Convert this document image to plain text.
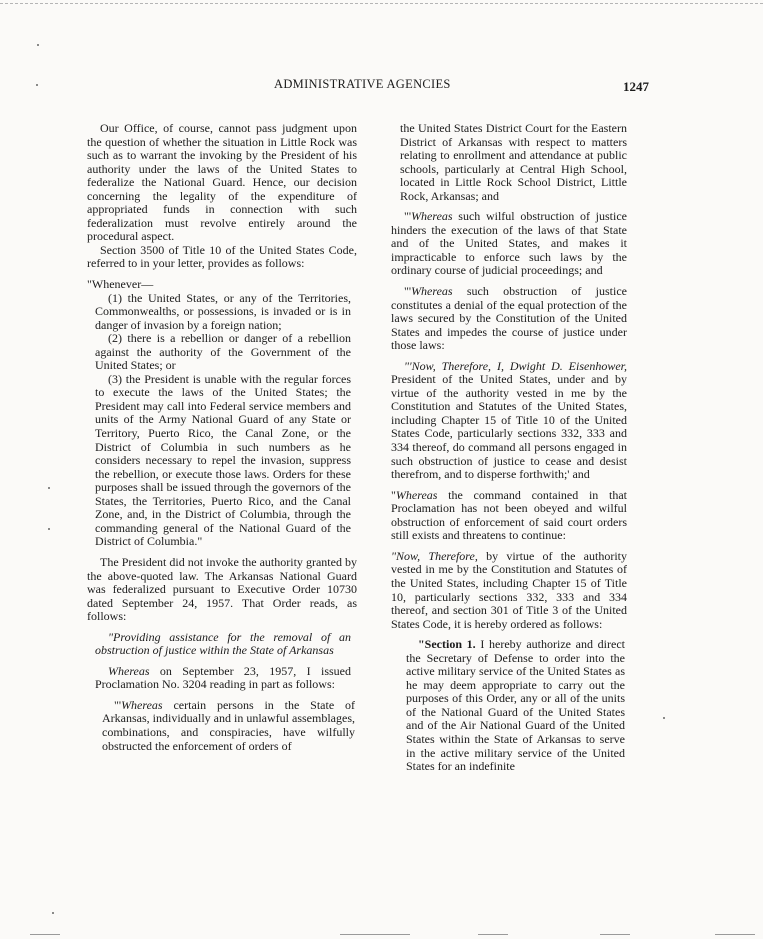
ADMINISTRATIVE AGENCIES	1247

Our Office, of course, cannot pass judgment upon the question of whether the situation in Little Rock was such as to warrant the invoking by the President of his authority under the laws of the United States to federalize the National Guard. Hence, our decision concerning the legality of the expenditure of appropriated funds in connection with such federalization must revolve entirely around the procedural aspect.

Section 3500 of Title 10 of the United States Code, referred to in your letter, provides as follows:

"Whenever—

(1) the United States, or any of the Territories, Commonwealths, or possessions, is invaded or is in danger of invasion by a foreign nation;

(2) there is a rebellion or danger of a rebellion against the authority of the Government of the United States; or

(3) the President is unable with the regular forces to execute the laws of the United States; the President may call into Federal service members and units of the Army National Guard of any State or Territory, Puerto Rico, the Canal Zone, or the District of Columbia in such numbers as he considers necessary to repel the invasion, suppress the rebellion, or execute those laws. Orders for these purposes shall be issued through the governors of the States, the Territories, Puerto Rico, and the Canal Zone, and, in the District of Columbia, through the commanding general of the National Guard of the District of Columbia."

The President did not invoke the authority granted by the above-quoted law. The Arkansas National Guard was federalized pursuant to Executive Order 10730 dated September 24, 1957. That Order reads, as follows:

"Providing assistance for the removal of an obstruction of justice within the State of Arkansas

Whereas on September 23, 1957, I issued Proclamation No. 3204 reading in part as follows:

"'Whereas certain persons in the State of Arkansas, individually and in unlawful assemblages, combinations, and conspiracies, have wilfully obstructed the enforcement of orders of

the United States District Court for the Eastern District of Arkansas with respect to matters relating to enrollment and attendance at public schools, particularly at Central High School, located in Little Rock School District, Little Rock, Arkansas; and

"'Whereas such wilful obstruction of justice hinders the execution of the laws of that State and of the United States, and makes it impracticable to enforce such laws by the ordinary course of judicial proceedings; and

"'Whereas such obstruction of justice constitutes a denial of the equal protection of the laws secured by the Constitution of the United States and impedes the course of justice under those laws:

"'Now, Therefore, I, Dwight D. Eisenhower, President of the United States, under and by virtue of the authority vested in me by the Constitution and Statutes of the United States, including Chapter 15 of Title 10 of the United States Code, particularly sections 332, 333 and 334 thereof, do command all persons engaged in such obstruction of justice to cease and desist therefrom, and to disperse forthwith;' and

"Whereas the command contained in that Proclamation has not been obeyed and wilful obstruction of enforcement of said court orders still exists and threatens to continue:

"Now, Therefore, by virtue of the authority vested in me by the Constitution and Statutes of the United States, including Chapter 15 of Title 10, particularly sections 332, 333 and 334 thereof, and section 301 of Title 3 of the United States Code, it is hereby ordered as follows:

"Section 1. I hereby authorize and direct the Secretary of Defense to order into the active military service of the United States as he may deem appropriate to carry out the purposes of this Order, any or all of the units of the National Guard of the United States and of the Air National Guard of the United States within the State of Arkansas to serve in the active military service of the United States for an indefinite
